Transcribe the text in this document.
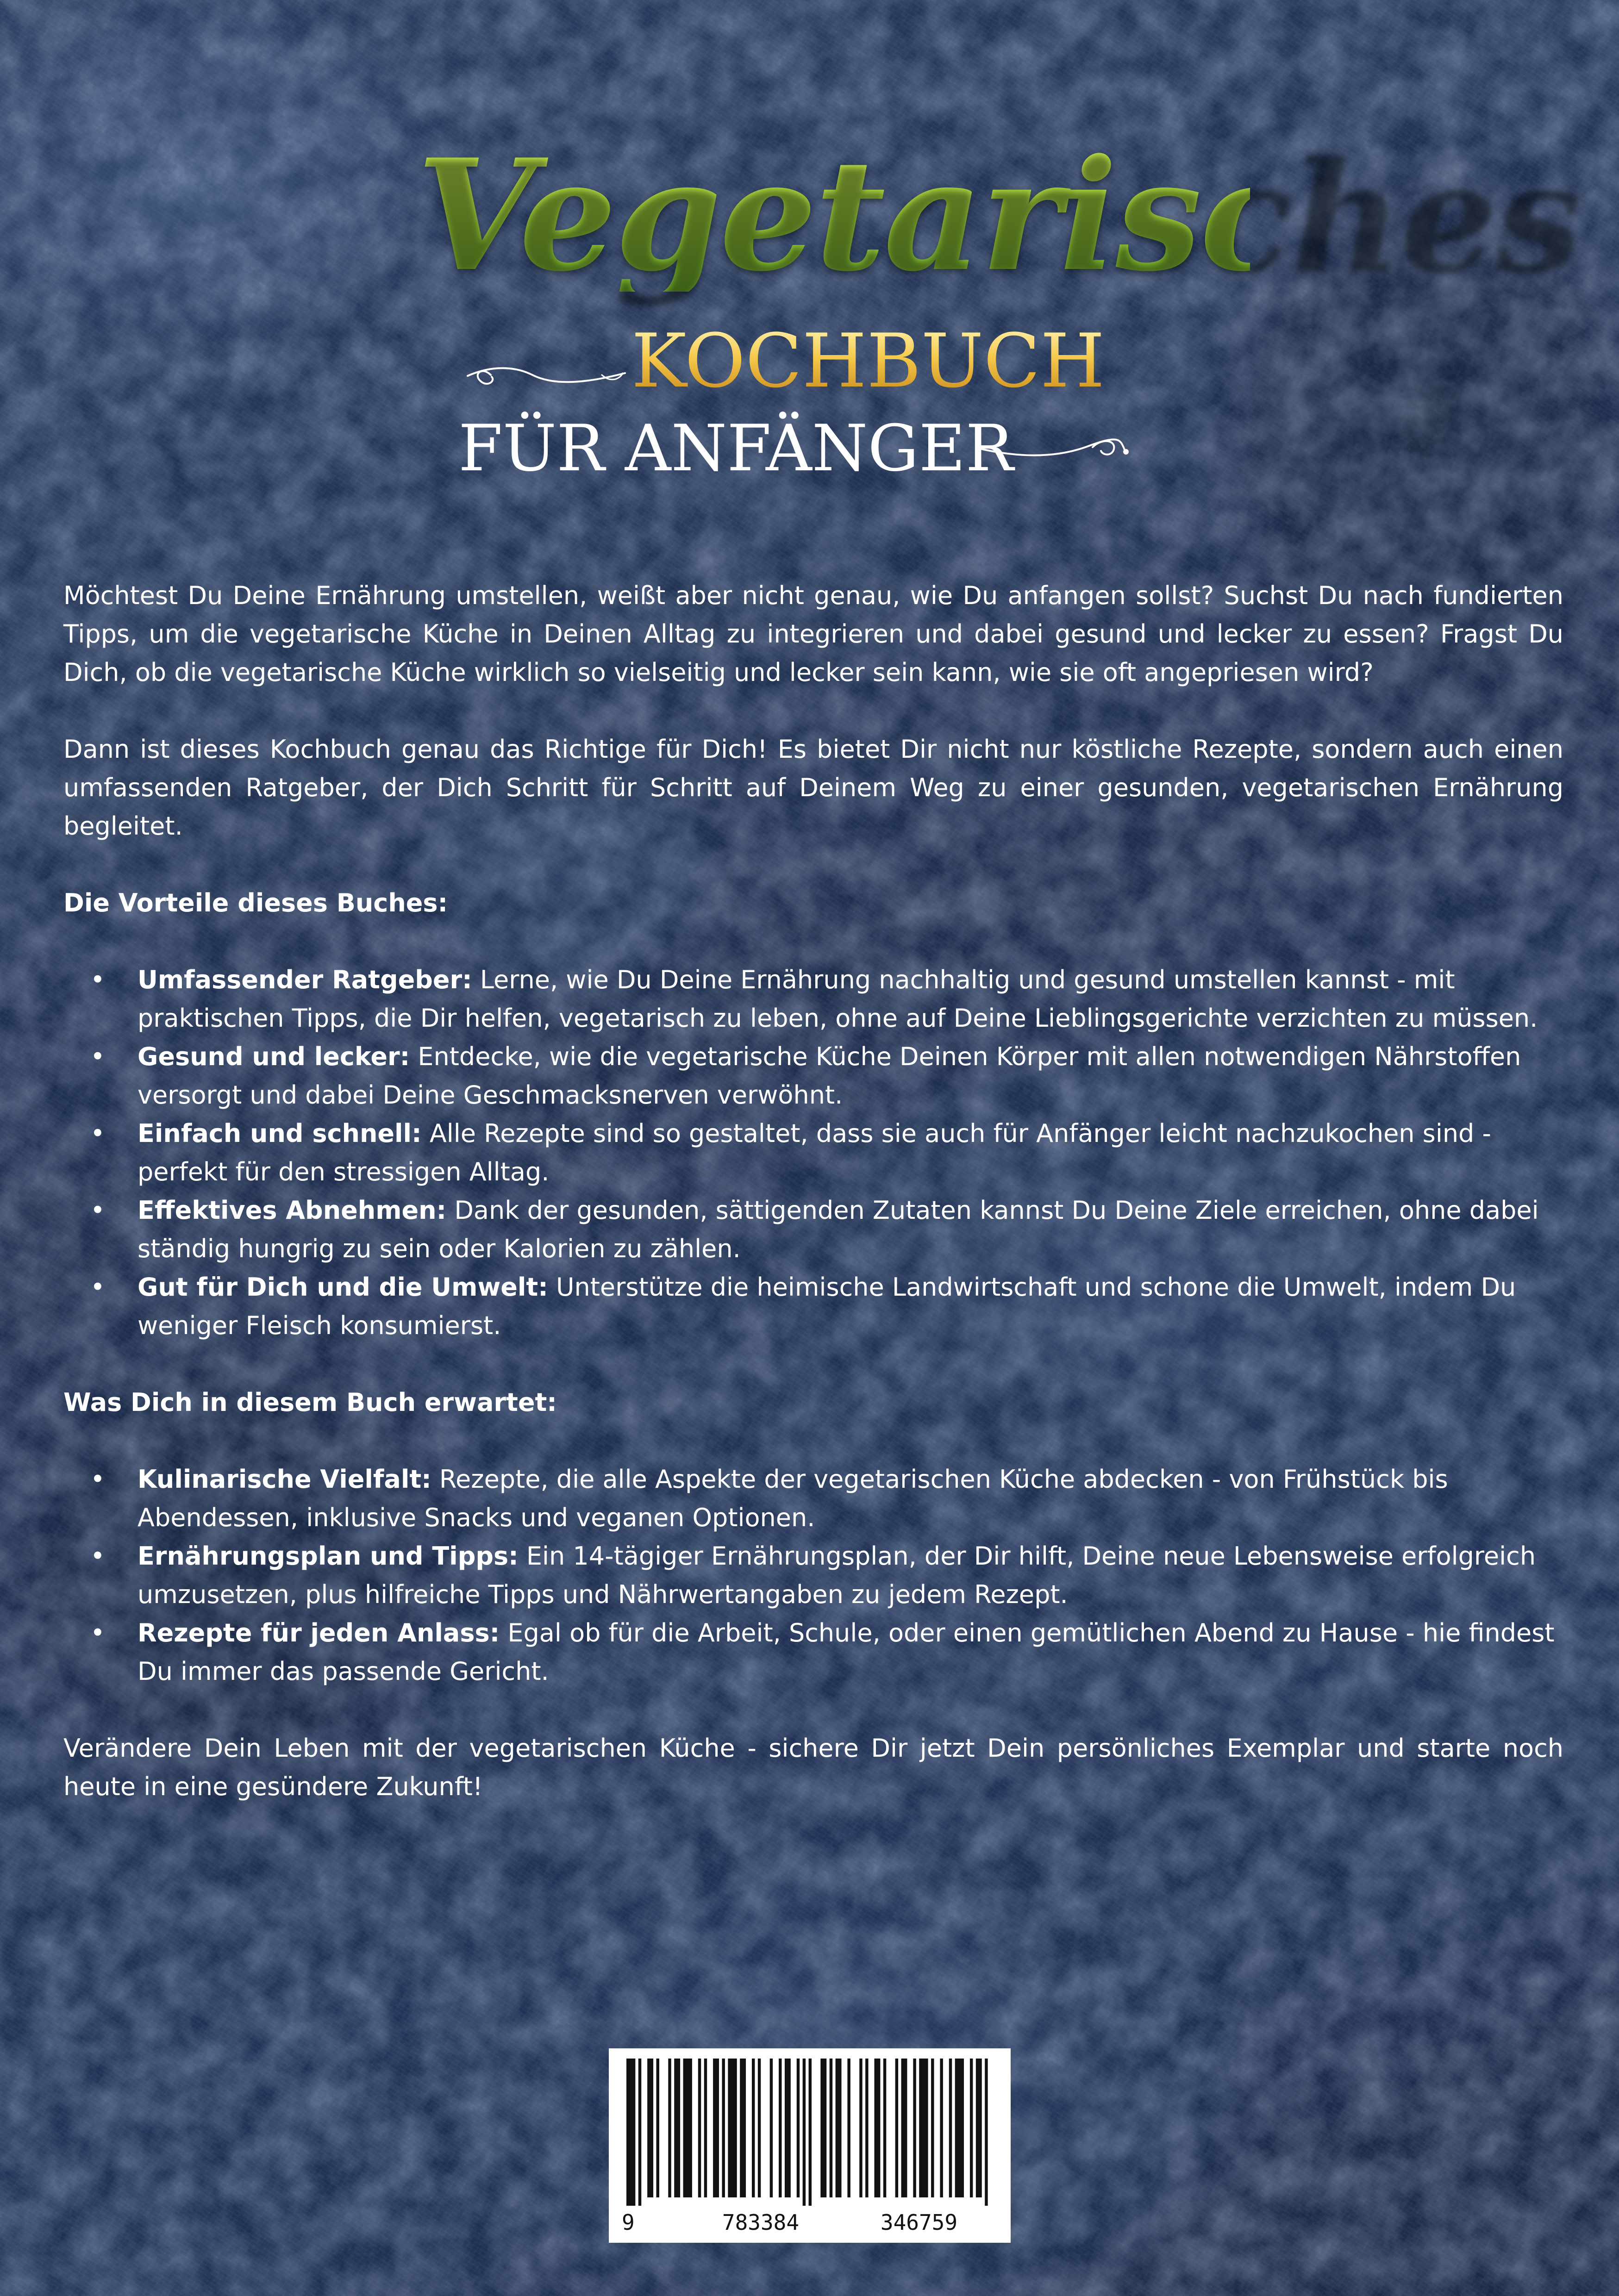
Vegetarisches
KOCHBUCH
FÜR ANFÄNGER

Möchtest Du Deine Ernährung umstellen, weißt aber nicht genau, wie Du anfangen sollst? Suchst Du nach fundierten Tipps, um die vegetarische Küche in Deinen Alltag zu integrieren und dabei gesund und lecker zu essen? Fragst Du Dich, ob die vegetarische Küche wirklich so vielseitig und lecker sein kann, wie sie oft angepriesen wird?

Dann ist dieses Kochbuch genau das Richtige für Dich! Es bietet Dir nicht nur köstliche Rezepte, sondern auch einen umfassenden Ratgeber, der Dich Schritt für Schritt auf Deinem Weg zu einer gesunden, vegetarischen Ernährung begleitet.

Die Vorteile dieses Buches:

• Umfassender Ratgeber: Lerne, wie Du Deine Ernährung nachhaltig und gesund umstellen kannst - mit praktischen Tipps, die Dir helfen, vegetarisch zu leben, ohne auf Deine Lieblingsgerichte verzichten zu müssen.
• Gesund und lecker: Entdecke, wie die vegetarische Küche Deinen Körper mit allen notwendigen Nährstoffen versorgt und dabei Deine Geschmacksnerven verwöhnt.
• Einfach und schnell: Alle Rezepte sind so gestaltet, dass sie auch für Anfänger leicht nachzukochen sind - perfekt für den stressigen Alltag.
• Effektives Abnehmen: Dank der gesunden, sättigenden Zutaten kannst Du Deine Ziele erreichen, ohne dabei ständig hungrig zu sein oder Kalorien zu zählen.
• Gut für Dich und die Umwelt: Unterstütze die heimische Landwirtschaft und schone die Umwelt, indem Du weniger Fleisch konsumierst.

Was Dich in diesem Buch erwartet:

• Kulinarische Vielfalt: Rezepte, die alle Aspekte der vegetarischen Küche abdecken - von Frühstück bis Abendessen, inklusive Snacks und veganen Optionen.
• Ernährungsplan und Tipps: Ein 14-tägiger Ernährungsplan, der Dir hilft, Deine neue Lebensweise erfolgreich umzusetzen, plus hilfreiche Tipps und Nährwertangaben zu jedem Rezept.
• Rezepte für jeden Anlass: Egal ob für die Arbeit, Schule, oder einen gemütlichen Abend zu Hause - hie findest Du immer das passende Gericht.

Verändere Dein Leben mit der vegetarischen Küche - sichere Dir jetzt Dein persönliches Exemplar und starte noch heute in eine gesündere Zukunft!

9	783384	346759
